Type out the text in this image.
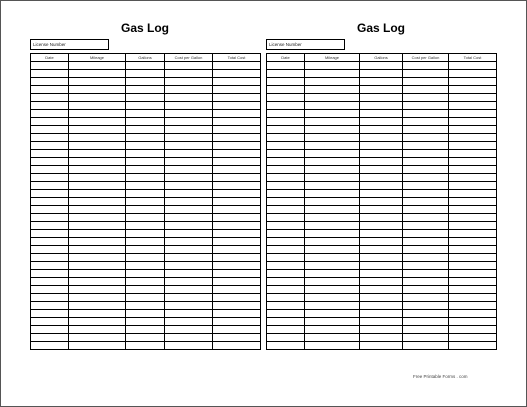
Gas Log
License Number
Date	Mileage	Gallons	Cost per Gallon	Total Cost

Gas Log
License Number
Date	Mileage	Gallons	Cost per Gallon	Total Cost

Free Printable Forms . com
